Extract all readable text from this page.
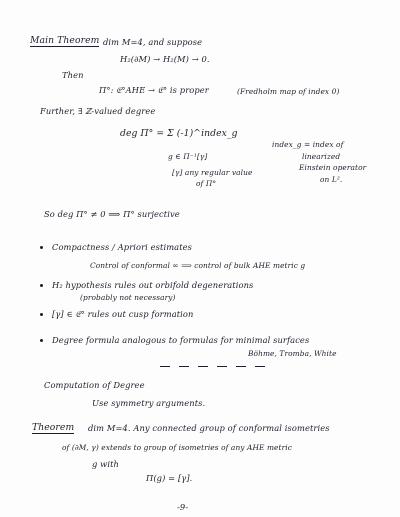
Main Theorem dim M=4, and suppose
H₂(∂M) → H₂(M) → 0.
Then
Π°: 𝔈°AHE → 𝔈° is proper	(Fredholm map of index 0)
Further, ∃ ℤ-valued degree
deg Π° = Σ (-1)^index_g
g ∈ Π⁻¹[γ]
[γ] any regular value
of Π°
index_g = index of
linearized
Einstein operator
on L².
So deg Π° ≠ 0 ⟹ Π° surjective
Compactness / Apriori estimates
Control of conformal ∞ ⟹ control of bulk AHE metric g
H₂ hypothesis rules out orbifold degenerations
(probably not necessary)
[γ] ∈ 𝔈° rules out cusp formation
Degree formula analogous to formulas for minimal surfaces
Böhme, Tromba, White
Computation of Degree
Use symmetry arguments.
Theorem dim M=4. Any connected group of conformal isometries
of (∂M, γ) extends to group of isometries of any AHE metric
g with
Π(g) = [γ].
-9-
